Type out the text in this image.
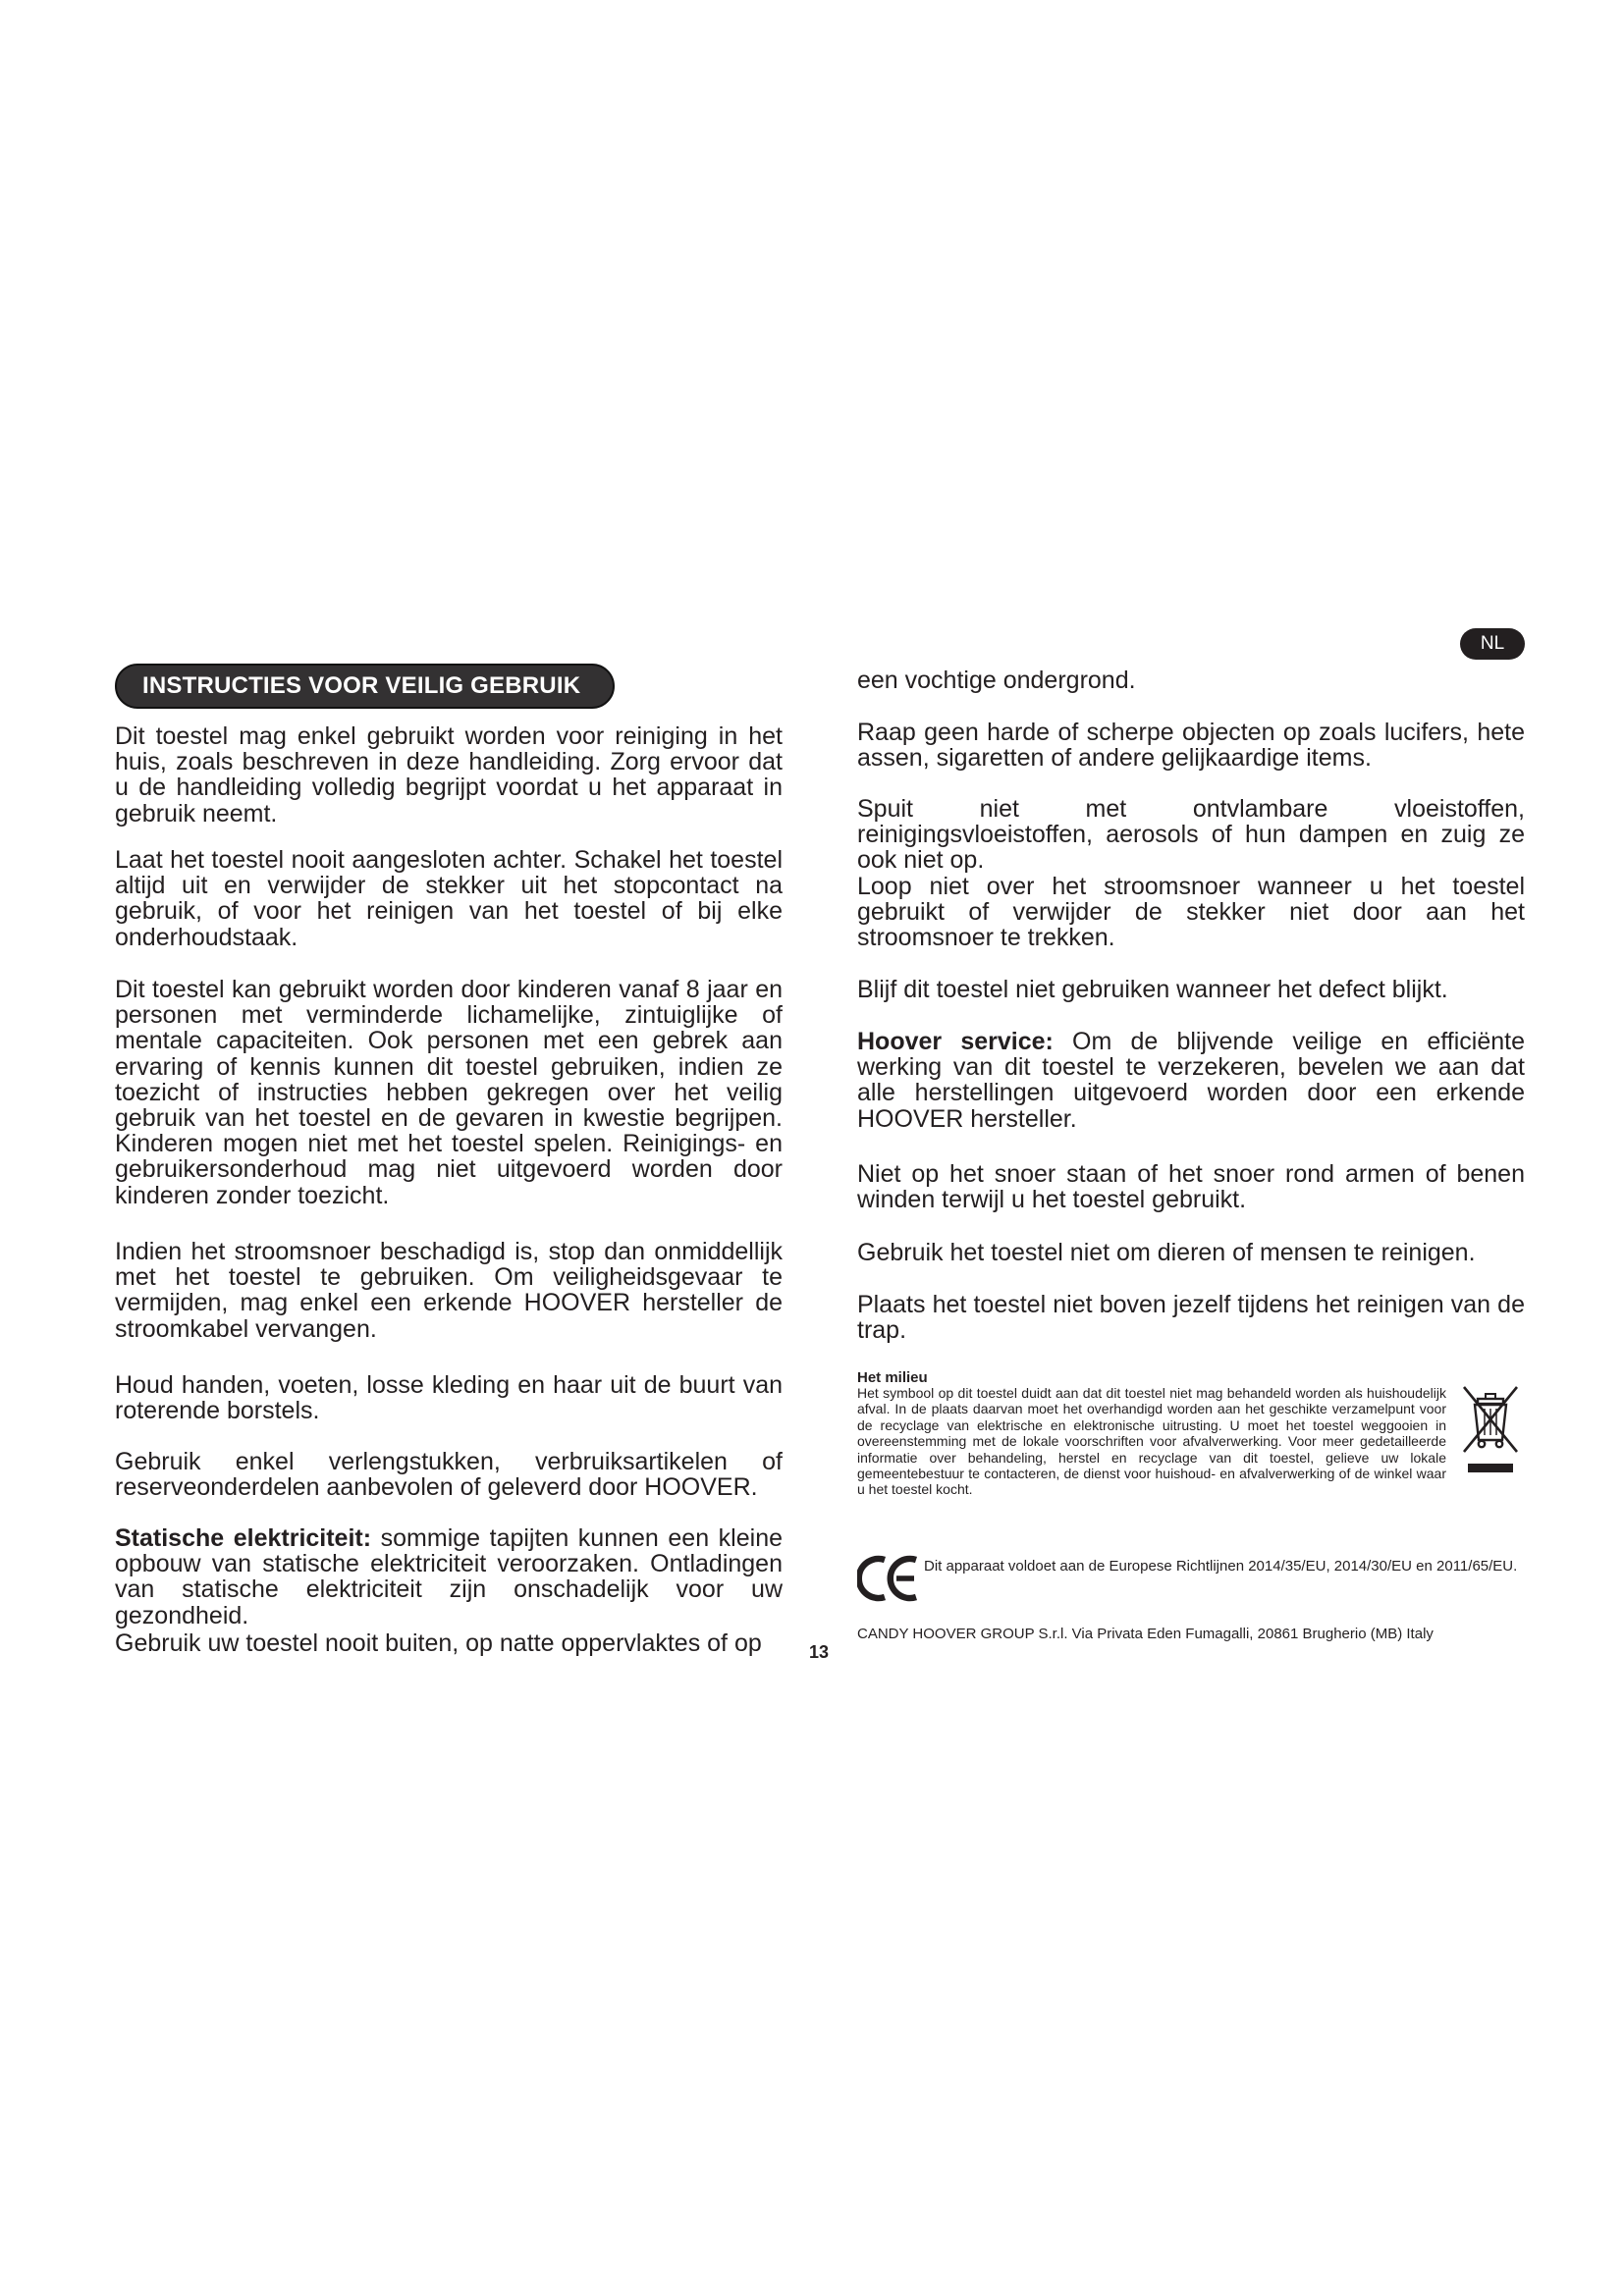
NL
INSTRUCTIES VOOR VEILIG GEBRUIK

Dit toestel mag enkel gebruikt worden voor reiniging in het huis, zoals beschreven in deze handleiding. Zorg ervoor dat u de handleiding volledig begrijpt voordat u het apparaat in gebruik neemt.

Laat het toestel nooit aangesloten achter. Schakel het toestel altijd uit en verwijder de stekker uit het stopcontact na gebruik, of voor het reinigen van het toestel of bij elke onderhoudstaak.

Dit toestel kan gebruikt worden door kinderen vanaf 8 jaar en personen met verminderde lichamelijke, zintuiglijke of mentale capaciteiten. Ook personen met een gebrek aan ervaring of kennis kunnen dit toestel gebruiken, indien ze toezicht of instructies hebben gekregen over het veilig gebruik van het toestel en de gevaren in kwestie begrijpen. Kinderen mogen niet met het toestel spelen. Reinigings- en gebruikersonderhoud mag niet uitgevoerd worden door kinderen zonder toezicht.

Indien het stroomsnoer beschadigd is, stop dan onmiddellijk met het toestel te gebruiken. Om veiligheidsgevaar te vermijden, mag enkel een erkende HOOVER hersteller de stroomkabel vervangen.

Houd handen, voeten, losse kleding en haar uit de buurt van roterende borstels.

Gebruik enkel verlengstukken, verbruiksartikelen of reserveonderdelen aanbevolen of geleverd door HOOVER.

Statische elektriciteit: sommige tapijten kunnen een kleine opbouw van statische elektriciteit veroorzaken. Ontladingen van statische elektriciteit zijn onschadelijk voor uw gezondheid.

Gebruik uw toestel nooit buiten, op natte oppervlaktes of op	13

een vochtige ondergrond.

Raap geen harde of scherpe objecten op zoals lucifers, hete assen, sigaretten of andere gelijkaardige items.

Spuit niet met ontvlambare vloeistoffen, reinigingsvloeistoffen, aerosols of hun dampen en zuig ze ook niet op.

Loop niet over het stroomsnoer wanneer u het toestel gebruikt of verwijder de stekker niet door aan het stroomsnoer te trekken.

Blijf dit toestel niet gebruiken wanneer het defect blijkt.

Hoover service: Om de blijvende veilige en efficiënte werking van dit toestel te verzekeren, bevelen we aan dat alle herstellingen uitgevoerd worden door een erkende HOOVER hersteller.

Niet op het snoer staan of het snoer rond armen of benen winden terwijl u het toestel gebruikt.

Gebruik het toestel niet om dieren of mensen te reinigen.

Plaats het toestel niet boven jezelf tijdens het reinigen van de trap.

Het milieu

Het symbool op dit toestel duidt aan dat dit toestel niet mag behandeld worden als huishoudelijk afval. In de plaats daarvan moet het overhandigd worden aan het geschikte verzamelpunt voor de recyclage van elektrische en elektronische uitrusting. U moet het toestel weggooien in overeenstemming met de lokale voorschriften voor afvalverwerking. Voor meer gedetailleerde informatie over behandeling, herstel en recyclage van dit toestel, gelieve uw lokale gemeentebestuur te contacteren, de dienst voor huishoud- en afvalverwerking of de winkel waar u het toestel kocht.

Dit apparaat voldoet aan de Europese Richtlijnen 2014/35/EU, 2014/30/EU en 2011/65/EU.

CANDY HOOVER GROUP S.r.l. Via Privata Eden Fumagalli, 20861 Brugherio (MB) Italy
